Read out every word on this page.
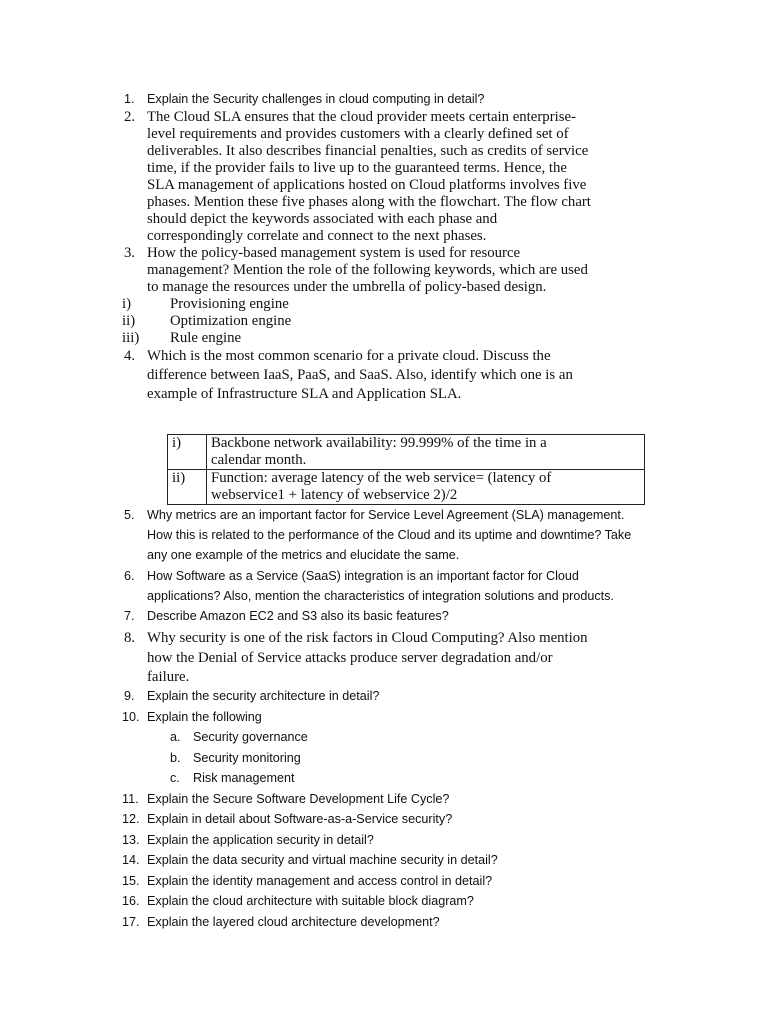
1. Explain the Security challenges in cloud computing in detail?
2. The Cloud SLA ensures that the cloud provider meets certain enterprise-
level requirements and provides customers with a clearly defined set of
deliverables. It also describes financial penalties, such as credits of service
time, if the provider fails to live up to the guaranteed terms. Hence, the
SLA management of applications hosted on Cloud platforms involves five
phases. Mention these five phases along with the flowchart. The flow chart
should depict the keywords associated with each phase and
correspondingly correlate and connect to the next phases.
3. How the policy-based management system is used for resource
management? Mention the role of the following keywords, which are used
to manage the resources under the umbrella of policy-based design.
i)	Provisioning engine
ii) Optimization engine
iii) Rule engine
4. Which is the most common scenario for a private cloud. Discuss the
difference between IaaS, PaaS, and SaaS. Also, identify which one is an
example of Infrastructure SLA and Application SLA.
i)	Backbone network availability: 99.999% of the time in a
calendar month.

ii)	Function: average latency of the web service= (latency of
webservice1 + latency of webservice 2)/2
5. Why metrics are an important factor for Service Level Agreement (SLA) management.
How this is related to the performance of the Cloud and its uptime and downtime? Take
any one example of the metrics and elucidate the same.
6. How Software as a Service (SaaS) integration is an important factor for Cloud
applications? Also, mention the characteristics of integration solutions and products.
7. Describe Amazon EC2 and S3 also its basic features?
8. Why security is one of the risk factors in Cloud Computing? Also mention
how the Denial of Service attacks produce server degradation and/or
failure.
9. Explain the security architecture in detail?
10. Explain the following
a. Security governance
b. Security monitoring
c. Risk management
11. Explain the Secure Software Development Life Cycle?
12. Explain in detail about Software-as-a-Service security?
13. Explain the application security in detail?
14. Explain the data security and virtual machine security in detail?
15. Explain the identity management and access control in detail?
16. Explain the cloud architecture with suitable block diagram?
17. Explain the layered cloud architecture development?
